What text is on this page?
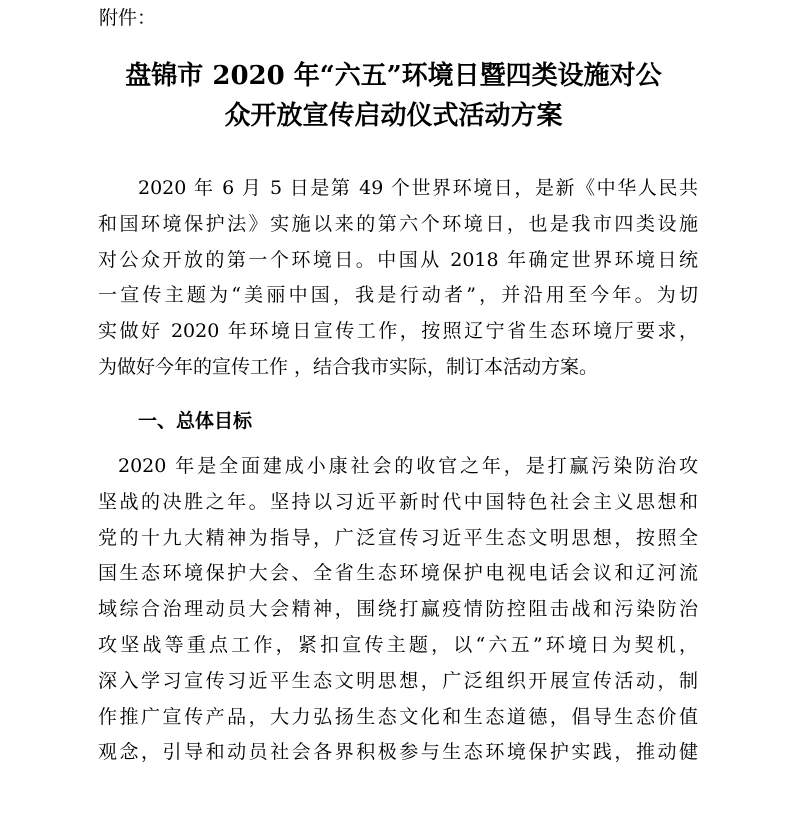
附件：
盘锦市 2020 年“六五”环境日暨四类设施对公
众开放宣传启动仪式活动方案
2020 年 6 月 5 日是第 49 个世界环境日，是新《中华人民共
和国环境保护法》实施以来的第六个环境日，也是我市四类设施
对公众开放的第一个环境日。中国从 2018 年确定世界环境日统
一宣传主题为“美丽中国，我是行动者”，并沿用至今年。为切
实做好 2020 年环境日宣传工作，按照辽宁省生态环境厅要求，
为做好今年的宣传工作 ，结合我市实际，制订本活动方案。
一、总体目标
2020 年是全面建成小康社会的收官之年，是打赢污染防治攻
坚战的决胜之年。坚持以习近平新时代中国特色社会主义思想和
党的十九大精神为指导，广泛宣传习近平生态文明思想，按照全
国生态环境保护大会、全省生态环境保护电视电话会议和辽河流
域综合治理动员大会精神，围绕打赢疫情防控阻击战和污染防治
攻坚战等重点工作，紧扣宣传主题，以“六五”环境日为契机，
深入学习宣传习近平生态文明思想，广泛组织开展宣传活动，制
作推广宣传产品，大力弘扬生态文化和生态道德，倡导生态价值
观念，引导和动员社会各界积极参与生态环境保护实践，推动健
